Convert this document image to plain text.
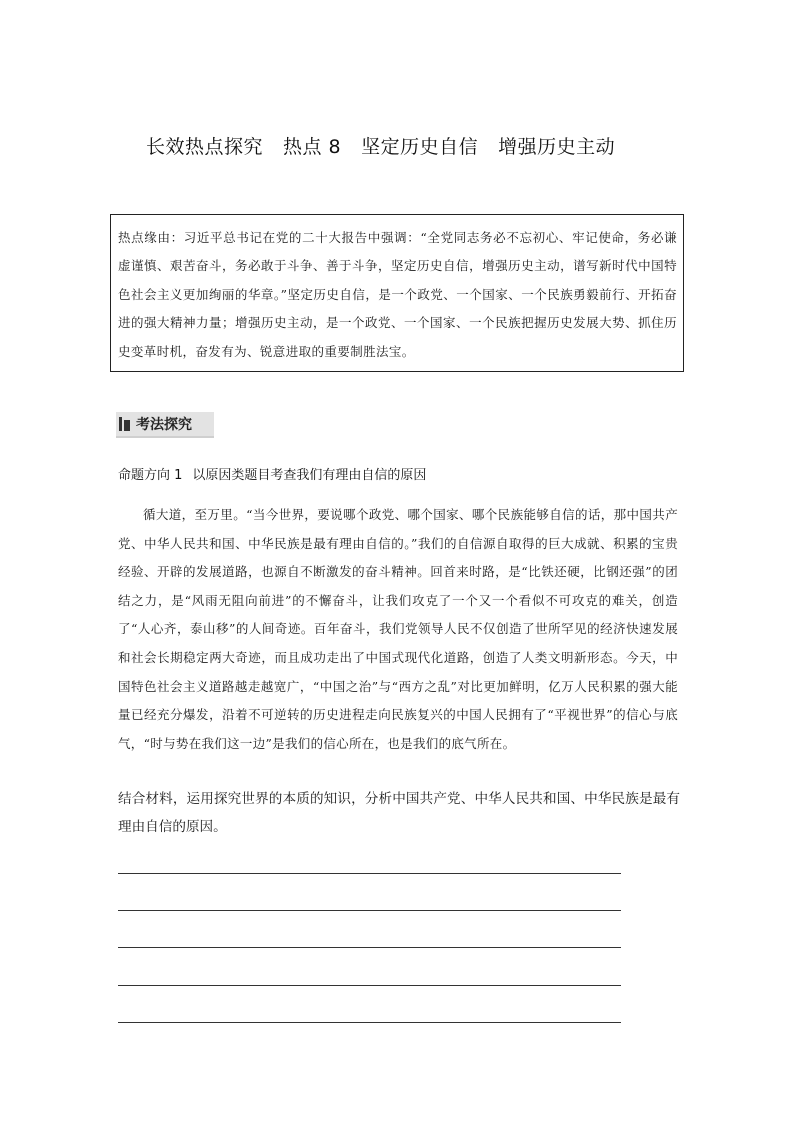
长效热点探究 热点 8 坚定历史自信 增强历史主动
热点缘由：习近平总书记在党的二十大报告中强调：“全党同志务必不忘初心、牢记使命，务必谦虚谨慎、艰苦奋斗，务必敢于斗争、善于斗争，坚定历史自信，增强历史主动，谱写新时代中国特色社会主义更加绚丽的华章。”坚定历史自信，是一个政党、一个国家、一个民族勇毅前行、开拓奋进的强大精神力量；增强历史主动，是一个政党、一个国家、一个民族把握历史发展大势、抓住历史变革时机，奋发有为、锐意进取的重要制胜法宝。
考法探究
命题方向 1 以原因类题目考查我们有理由自信的原因

循大道，至万里。“当今世界，要说哪个政党、哪个国家、哪个民族能够自信的话，那中国共产党、中华人民共和国、中华民族是最有理由自信的。”我们的自信源自取得的巨大成就、积累的宝贵经验、开辟的发展道路，也源自不断激发的奋斗精神。回首来时路，是“比铁还硬，比钢还强”的团结之力，是“风雨无阻向前进”的不懈奋斗，让我们攻克了一个又一个看似不可攻克的难关，创造了“人心齐，泰山移”的人间奇迹。百年奋斗，我们党领导人民不仅创造了世所罕见的经济快速发展和社会长期稳定两大奇迹，而且成功走出了中国式现代化道路，创造了人类文明新形态。今天，中国特色社会主义道路越走越宽广，“中国之治”与“西方之乱”对比更加鲜明，亿万人民积累的强大能量已经充分爆发，沿着不可逆转的历史进程走向民族复兴的中国人民拥有了“平视世界”的信心与底气，“时与势在我们这一边”是我们的信心所在，也是我们的底气所在。

结合材料，运用探究世界的本质的知识，分析中国共产党、中华人民共和国、中华民族是最有理由自信的原因。
